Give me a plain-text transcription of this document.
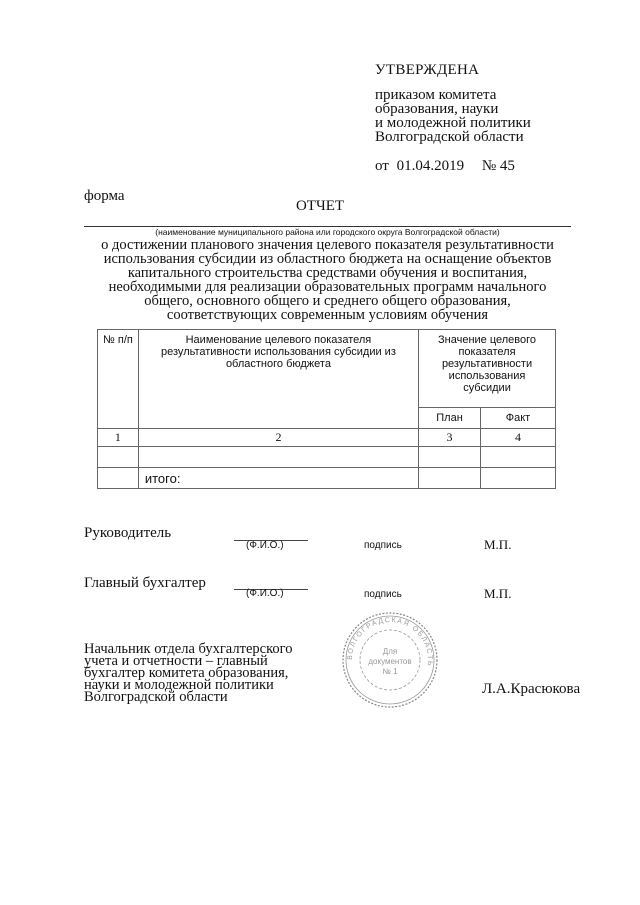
УТВЕРЖДЕНА
приказом комитета
образования, науки
и молодежной политики
Волгоградской области
от 01.04.2019 № 45
форма
ОТЧЕТ
(наименование муниципального района или городского округа Волгоградской области)
о достижении планового значения целевого показателя результативности
использования субсидии из областного бюджета на оснащение объектов
капитального строительства средствами обучения и воспитания,
необходимыми для реализации образовательных программ начального
общего, основного общего и среднего общего образования,
соответствующих современным условиям обучения
№ п/п	Наименование целевого показателя результативности использования субсидии из областного бюджета	Значение целевого показателя результативности использования субсидии	
		План	Факт
1	2	3	4

	итого:		
Руководитель
(Ф.И.О.)	подпись	М.П.
Главный бухгалтер
(Ф.И.О.)	подпись	М.П.
Начальник отдела бухгалтерского
учета и отчетности – главный
бухгалтер комитета образования,
науки и молодежной политики
Волгоградской области
ВОЛГОГРАДСКАЯ ОБЛАСТЬ
Для
документов
№ 1
Л.А.Красюкова
